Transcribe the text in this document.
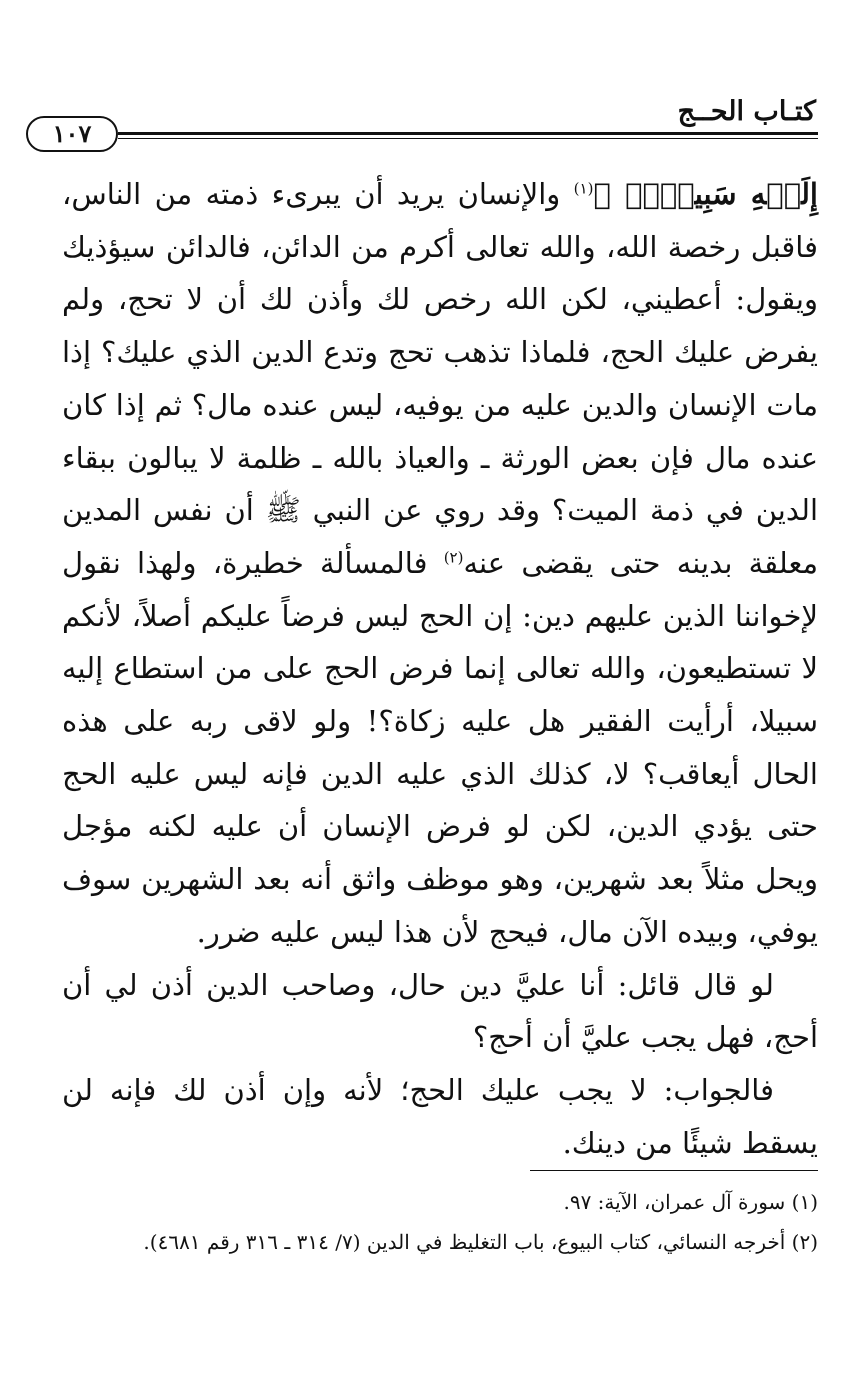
كتـاب الحــج
١٠٧

إِلَيۡهِ سَبِيلٗاۚ ﴾$^{(١)}$ والإنسان يريد أن يبرىء ذمته من الناس، فاقبل رخصة الله، والله تعالى أكرم من الدائن، فالدائن سيؤذيك ويقول: أعطيني، لكن الله رخص لك وأذن لك أن لا تحج، ولم يفرض عليك الحج، فلماذا تذهب تحج وتدع الدين الذي عليك؟ إذا مات الإنسان والدين عليه من يوفيه، ليس عنده مال؟ ثم إذا كان عنده مال فإن بعض الورثة ـ والعياذ بالله ـ ظلمة لا يبالون ببقاء الدين في ذمة الميت؟ وقد روي عن النبي ﷺ أن نفس المدين معلقة بدينه حتى يقضى عنه$^{(٢)}$ فالمسألة خطيرة، ولهذا نقول لإخواننا الذين عليهم دين: إن الحج ليس فرضاً عليكم أصلاً، لأنكم لا تستطيعون، والله تعالى إنما فرض الحج على من استطاع إليه سبيلا، أرأيت الفقير هل عليه زكاة؟! ولو لاقى ربه على هذه الحال أيعاقب؟ لا، كذلك الذي عليه الدين فإنه ليس عليه الحج حتى يؤدي الدين، لكن لو فرض الإنسان أن عليه لكنه مؤجل ويحل مثلاً بعد شهرين، وهو موظف واثق أنه بعد الشهرين سوف يوفي، وبيده الآن مال، فيحج لأن هذا ليس عليه ضرر.

لو قال قائل: أنا عليَّ دين حال، وصاحب الدين أذن لي أن أحج، فهل يجب عليَّ أن أحج؟

فالجواب: لا يجب عليك الحج؛ لأنه وإن أذن لك فإنه لن يسقط شيئًا من دينك.

(١) سورة آل عمران، الآية: ٩٧.

(٢) أخرجه النسائي، كتاب البيوع، باب التغليظ في الدين (٧/ ٣١٤ ـ ٣١٦ رقم ٤٦٨١).
